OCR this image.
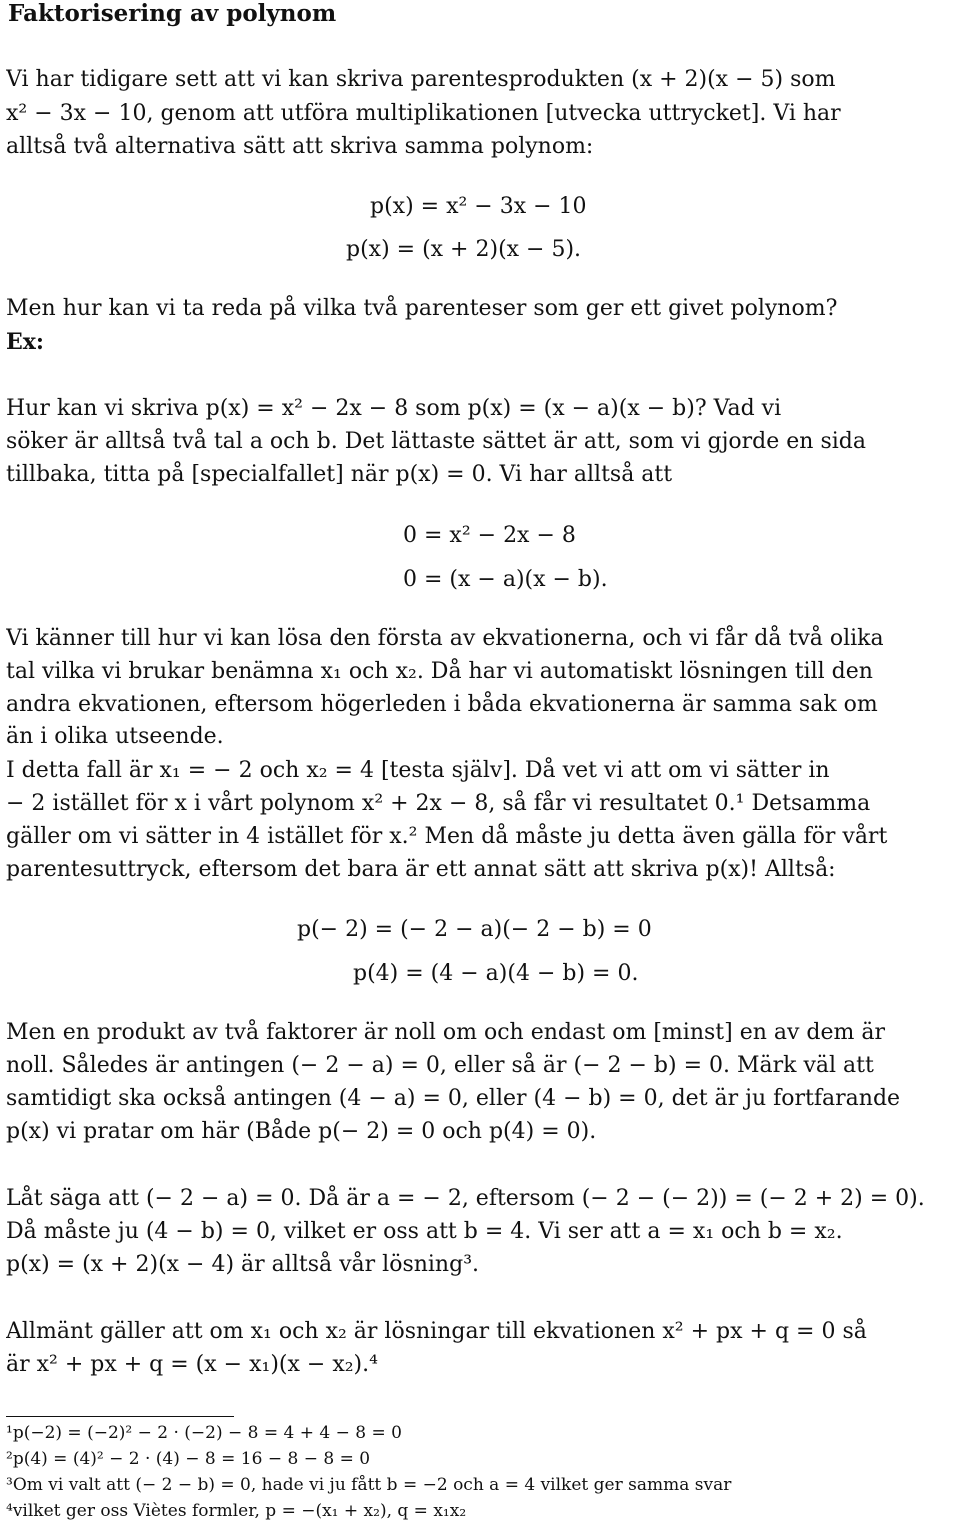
Faktorisering av polynom
Vi har tidigare sett att vi kan skriva parentesprodukten (x + 2)(x − 5) som
x² − 3x − 10, genom att utföra multiplikationen [utvecka uttrycket]. Vi har
alltså två alternativa sätt att skriva samma polynom:
p(x) = x² − 3x − 10
p(x) = (x + 2)(x − 5).
Men hur kan vi ta reda på vilka två parenteser som ger ett givet polynom?
Ex:
Hur kan vi skriva p(x) = x² − 2x − 8 som p(x) = (x − a)(x − b)? Vad vi
söker är alltså två tal a och b. Det lättaste sättet är att, som vi gjorde en sida
tillbaka, titta på [specialfallet] när p(x) = 0. Vi har alltså att
0 = x² − 2x − 8
0 = (x − a)(x − b).
Vi känner till hur vi kan lösa den första av ekvationerna, och vi får då två olika
tal vilka vi brukar benämna x₁ och x₂. Då har vi automatiskt lösningen till den
andra ekvationen, eftersom högerleden i båda ekvationerna är samma sak om
än i olika utseende.
I detta fall är x₁ = − 2 och x₂ = 4 [testa själv]. Då vet vi att om vi sätter in
− 2 istället för x i vårt polynom x² + 2x − 8, så får vi resultatet 0.¹ Detsamma
gäller om vi sätter in 4 istället för x.² Men då måste ju detta även gälla för vårt
parentesuttryck, eftersom det bara är ett annat sätt att skriva p(x)! Alltså:
p(− 2) = (− 2 − a)(− 2 − b) = 0
p(4) = (4 − a)(4 − b) = 0.
Men en produkt av två faktorer är noll om och endast om [minst] en av dem är
noll. Således är antingen (− 2 − a) = 0, eller så är (− 2 − b) = 0. Märk väl att
samtidigt ska också antingen (4 − a) = 0, eller (4 − b) = 0, det är ju fortfarande
p(x) vi pratar om här (Både p(− 2) = 0 och p(4) = 0).
Låt säga att (− 2 − a) = 0. Då är a = − 2, eftersom (− 2 − (− 2)) = (− 2 + 2) = 0).
Då måste ju (4 − b) = 0, vilket er oss att b = 4. Vi ser att a = x₁ och b = x₂.
p(x) = (x + 2)(x − 4) är alltså vår lösning³.
Allmänt gäller att om x₁ och x₂ är lösningar till ekvationen x² + px + q = 0 så
är x² + px + q = (x − x₁)(x − x₂).⁴
¹p(−2) = (−2)² − 2 · (−2) − 8 = 4 + 4 − 8 = 0
²p(4) = (4)² − 2 · (4) − 8 = 16 − 8 − 8 = 0
³Om vi valt att (− 2 − b) = 0, hade vi ju fått b = −2 och a = 4 vilket ger samma svar
⁴vilket ger oss Viètes formler, p = −(x₁ + x₂), q = x₁x₂
